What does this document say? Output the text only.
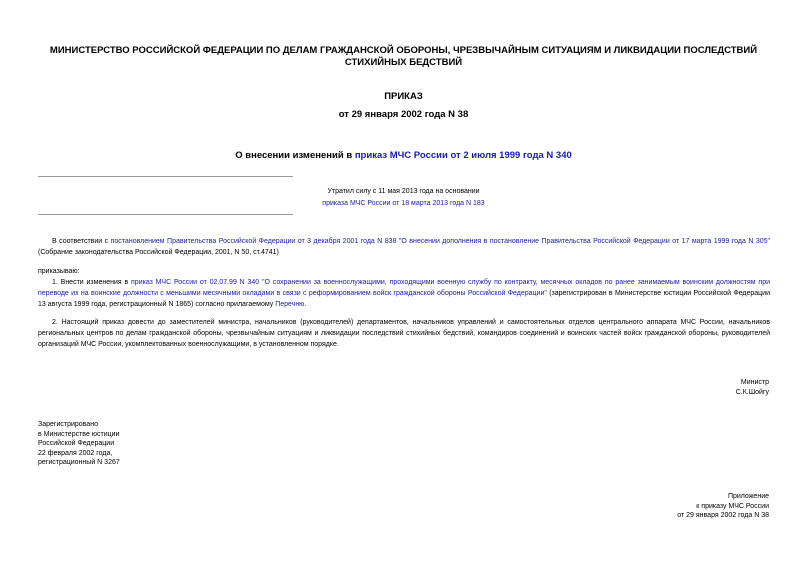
МИНИСТЕРСТВО РОССИЙСКОЙ ФЕДЕРАЦИИ ПО ДЕЛАМ ГРАЖДАНСКОЙ ОБОРОНЫ, ЧРЕЗВЫЧАЙНЫМ СИТУАЦИЯМ И ЛИКВИДАЦИИ ПОСЛЕДСТВИЙ СТИХИЙНЫХ БЕДСТВИЙ
ПРИКАЗ
от 29 января 2002 года N 38
О внесении изменений в приказ МЧС России от 2 июля 1999 года N 340
Утратил силу с 11 мая 2013 года на основании
приказа МЧС России от 18 марта 2013 года N 183
В соответствии с постановлением Правительства Российской Федерации от 3 декабря 2001 года N 838 "О внесении дополнения в постановление Правительства Российской Федерации от 17 марта 1999 года N 305" (Собрание законодательства Российской Федерации, 2001, N 50, ст.4741)
приказываю:
1. Внести изменения в приказ МЧС России от 02.07.99 N 340 "О сохранении за военнослужащими, проходящими военную службу по контракту, месячных окладов по ранее занимаемым воинским должностям при переводе их на воинские должности с меньшими месячными окладами в связи с реформированием войск гражданской обороны Российской Федерации" (зарегистрирован в Министерстве юстиции Российской Федерации 13 августа 1999 года, регистрационный N 1865) согласно прилагаемому Перечню.
2. Настоящий приказ довести до заместителей министра, начальников (руководителей) департаментов, начальников управлений и самостоятельных отделов центрального аппарата МЧС России, начальников региональных центров по делам гражданской обороны, чрезвычайным ситуациям и ликвидации последствий стихийных бедствий, командиров соединений и воинских частей войск гражданской обороны, руководителей организаций МЧС России, укомплектованных военнослужащими, в установленном порядке.
Министр
С.К.Шойгу
Зарегистрировано
в Министерстве юстиции
Российской Федерации
22 февраля 2002 года,
регистрационный N 3267
Приложение
к приказу МЧС России
от 29 января 2002 года N 38
